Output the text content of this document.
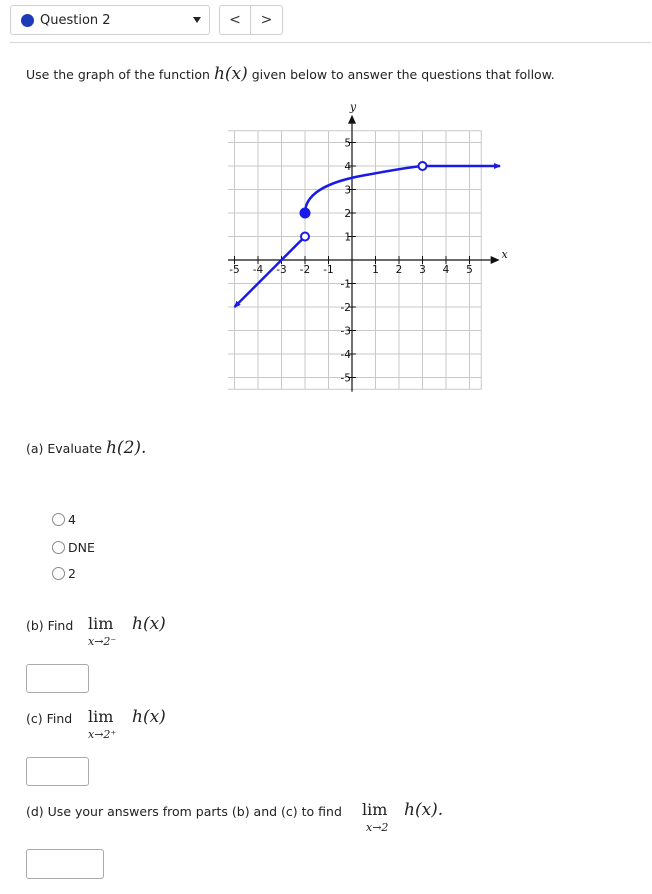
Question 2	<	>
Use the graph of the function h(x) given below to answer the questions that follow.
-5 -4 -3 -2 -1	1 2 3 4 5
5
4
3
2
1
-1
-2
-3
-4
-5
x
y
(a) Evaluate h(2).
4
DNE
2
(b) Find lim
x→2⁻
h(x)
(c) Find lim
x→2⁺
h(x)
(d) Use your answers from parts (b) and (c) to find lim
x→2
h(x).
